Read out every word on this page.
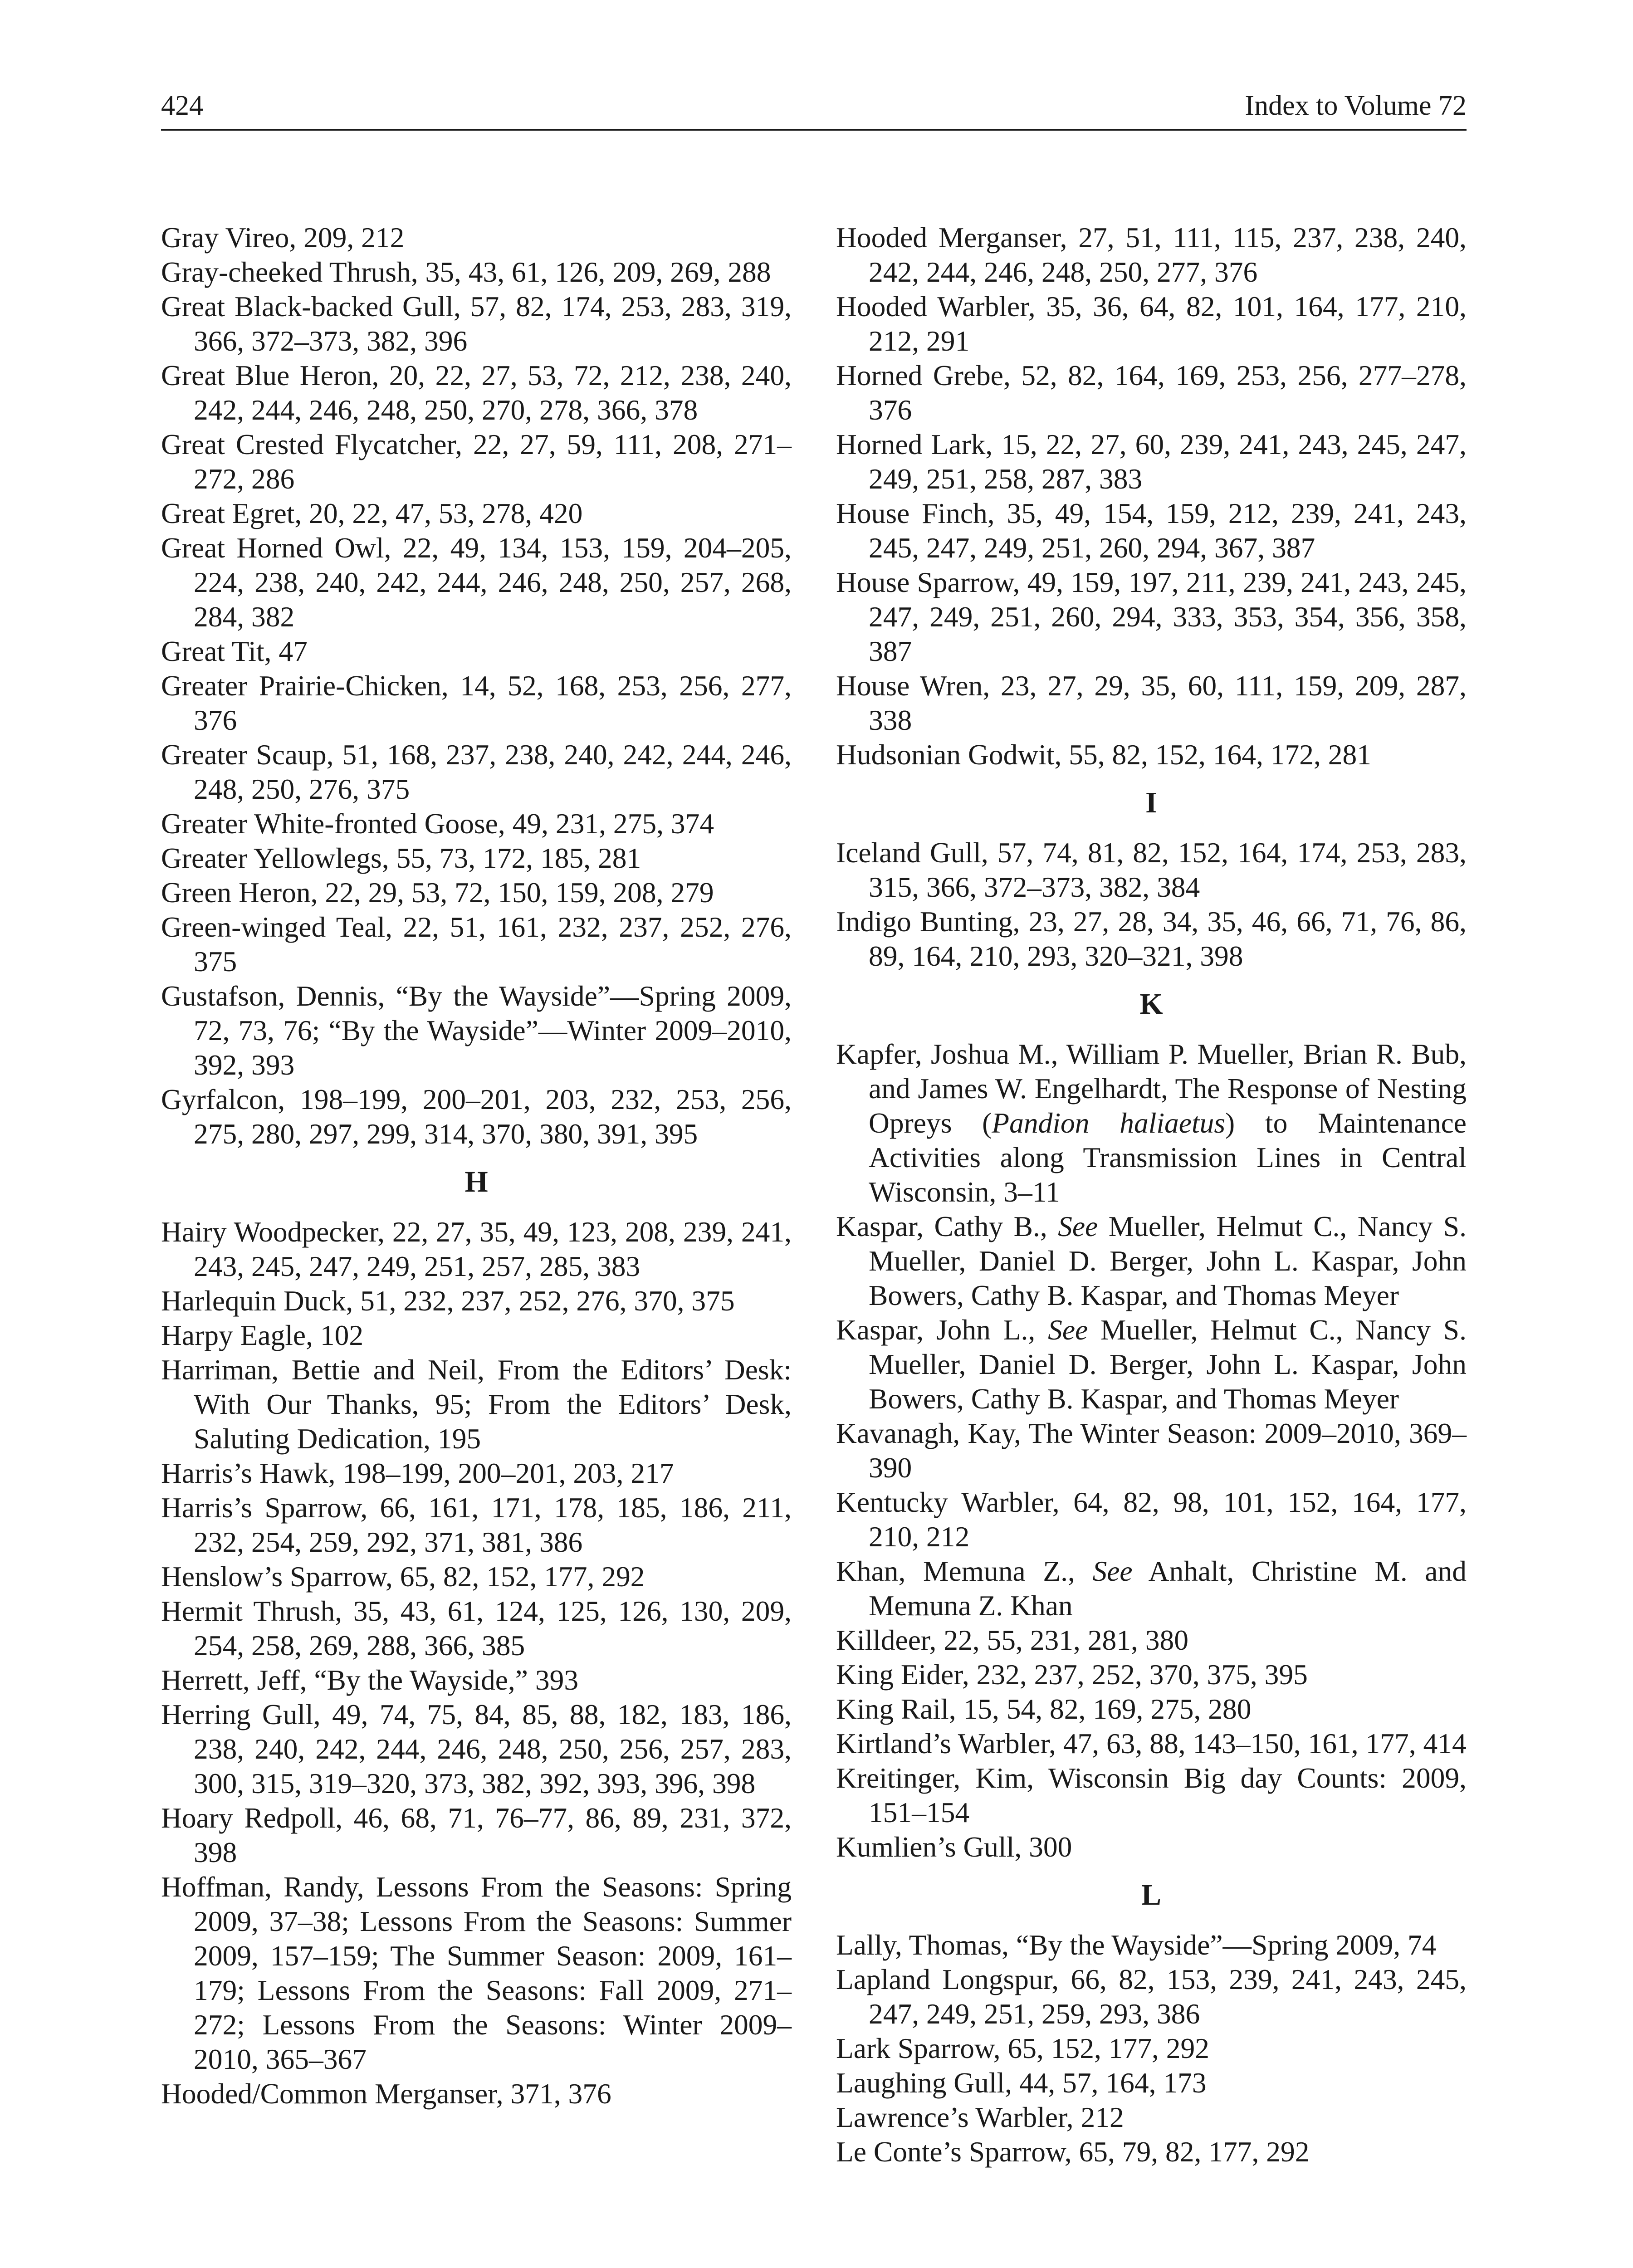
424	Index to Volume 72
Gray Vireo, 209, 212
Gray-cheeked Thrush, 35, 43, 61, 126, 209, 269, 288
Great Black-backed Gull, 57, 82, 174, 253, 283, 319, 366, 372–373, 382, 396
Great Blue Heron, 20, 22, 27, 53, 72, 212, 238, 240, 242, 244, 246, 248, 250, 270, 278, 366, 378
Great Crested Flycatcher, 22, 27, 59, 111, 208, 271–272, 286
Great Egret, 20, 22, 47, 53, 278, 420
Great Horned Owl, 22, 49, 134, 153, 159, 204–205, 224, 238, 240, 242, 244, 246, 248, 250, 257, 268, 284, 382
Great Tit, 47
Greater Prairie-Chicken, 14, 52, 168, 253, 256, 277, 376
Greater Scaup, 51, 168, 237, 238, 240, 242, 244, 246, 248, 250, 276, 375
Greater White-fronted Goose, 49, 231, 275, 374
Greater Yellowlegs, 55, 73, 172, 185, 281
Green Heron, 22, 29, 53, 72, 150, 159, 208, 279
Green-winged Teal, 22, 51, 161, 232, 237, 252, 276, 375
Gustafson, Dennis, “By the Wayside”—Spring 2009, 72, 73, 76; “By the Wayside”—Winter 2009–2010, 392, 393
Gyrfalcon, 198–199, 200–201, 203, 232, 253, 256, 275, 280, 297, 299, 314, 370, 380, 391, 395
H
Hairy Woodpecker, 22, 27, 35, 49, 123, 208, 239, 241, 243, 245, 247, 249, 251, 257, 285, 383
Harlequin Duck, 51, 232, 237, 252, 276, 370, 375
Harpy Eagle, 102
Harriman, Bettie and Neil, From the Editors’ Desk: With Our Thanks, 95; From the Editors’ Desk, Saluting Dedication, 195
Harris’s Hawk, 198–199, 200–201, 203, 217
Harris’s Sparrow, 66, 161, 171, 178, 185, 186, 211, 232, 254, 259, 292, 371, 381, 386
Henslow’s Sparrow, 65, 82, 152, 177, 292
Hermit Thrush, 35, 43, 61, 124, 125, 126, 130, 209, 254, 258, 269, 288, 366, 385
Herrett, Jeff, “By the Wayside,” 393
Herring Gull, 49, 74, 75, 84, 85, 88, 182, 183, 186, 238, 240, 242, 244, 246, 248, 250, 256, 257, 283, 300, 315, 319–320, 373, 382, 392, 393, 396, 398
Hoary Redpoll, 46, 68, 71, 76–77, 86, 89, 231, 372, 398
Hoffman, Randy, Lessons From the Seasons: Spring 2009, 37–38; Lessons From the Seasons: Summer 2009, 157–159; The Summer Season: 2009, 161–179; Lessons From the Seasons: Fall 2009, 271–272; Lessons From the Seasons: Winter 2009–2010, 365–367
Hooded/Common Merganser, 371, 376
Hooded Merganser, 27, 51, 111, 115, 237, 238, 240, 242, 244, 246, 248, 250, 277, 376
Hooded Warbler, 35, 36, 64, 82, 101, 164, 177, 210, 212, 291
Horned Grebe, 52, 82, 164, 169, 253, 256, 277–278, 376
Horned Lark, 15, 22, 27, 60, 239, 241, 243, 245, 247, 249, 251, 258, 287, 383
House Finch, 35, 49, 154, 159, 212, 239, 241, 243, 245, 247, 249, 251, 260, 294, 367, 387
House Sparrow, 49, 159, 197, 211, 239, 241, 243, 245, 247, 249, 251, 260, 294, 333, 353, 354, 356, 358, 387
House Wren, 23, 27, 29, 35, 60, 111, 159, 209, 287, 338
Hudsonian Godwit, 55, 82, 152, 164, 172, 281
I
Iceland Gull, 57, 74, 81, 82, 152, 164, 174, 253, 283, 315, 366, 372–373, 382, 384
Indigo Bunting, 23, 27, 28, 34, 35, 46, 66, 71, 76, 86, 89, 164, 210, 293, 320–321, 398
K
Kapfer, Joshua M., William P. Mueller, Brian R. Bub, and James W. Engelhardt, The Response of Nesting Opreys (Pandion haliaetus) to Maintenance Activities along Transmission Lines in Central Wisconsin, 3–11
Kaspar, Cathy B., See Mueller, Helmut C., Nancy S. Mueller, Daniel D. Berger, John L. Kaspar, John Bowers, Cathy B. Kaspar, and Thomas Meyer
Kaspar, John L., See Mueller, Helmut C., Nancy S. Mueller, Daniel D. Berger, John L. Kaspar, John Bowers, Cathy B. Kaspar, and Thomas Meyer
Kavanagh, Kay, The Winter Season: 2009–2010, 369–390
Kentucky Warbler, 64, 82, 98, 101, 152, 164, 177, 210, 212
Khan, Memuna Z., See Anhalt, Christine M. and Memuna Z. Khan
Killdeer, 22, 55, 231, 281, 380
King Eider, 232, 237, 252, 370, 375, 395
King Rail, 15, 54, 82, 169, 275, 280
Kirtland’s Warbler, 47, 63, 88, 143–150, 161, 177, 414
Kreitinger, Kim, Wisconsin Big day Counts: 2009, 151–154
Kumlien’s Gull, 300
L
Lally, Thomas, “By the Wayside”—Spring 2009, 74
Lapland Longspur, 66, 82, 153, 239, 241, 243, 245, 247, 249, 251, 259, 293, 386
Lark Sparrow, 65, 152, 177, 292
Laughing Gull, 44, 57, 164, 173
Lawrence’s Warbler, 212
Le Conte’s Sparrow, 65, 79, 82, 177, 292
